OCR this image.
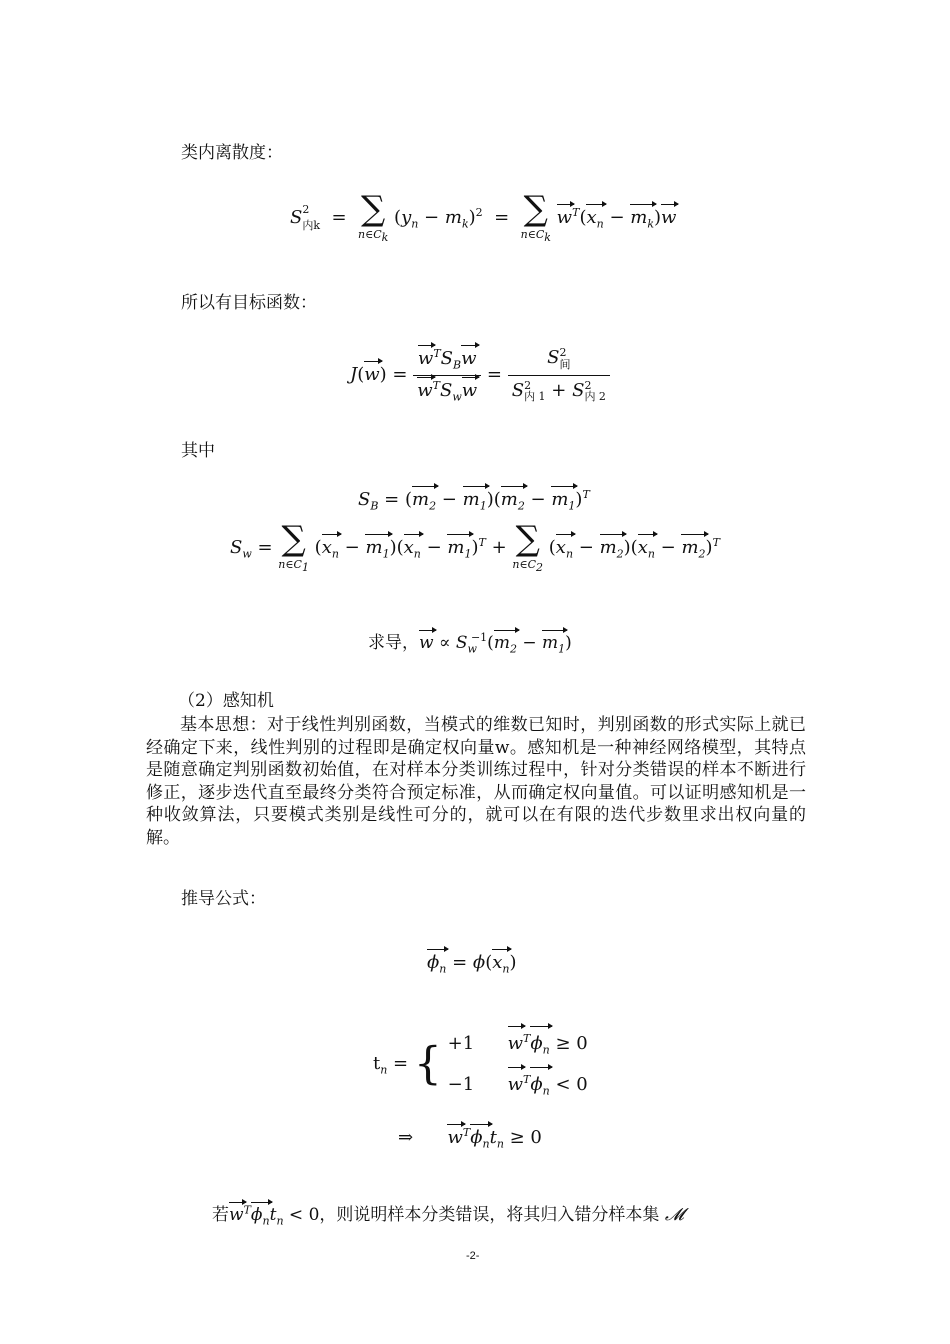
类内离散度：
$S^2_{内k}$  = ∑
$n\in C_k$
$(y_n - m_k)^2$  = ∑
$n\in C_k$
$w^T(x_n - m_k)w$
所以有目标函数：
$J(w) = \frac{w^TS_Bw}{w^TS_ww} = \frac{S^2_间}{S^2_{内 1} + S^2_{内 2}}$
其中
$S_B = (m_2 - m_1)(m_2 - m_1)^T$
$S_w$ = ∑
$n\in C_1$
$(x_n - m_1)(x_n - m_1)^T$ + ∑
$n\in C_2$
$(x_n - m_2)(x_n - m_2)^T$
求导，$w \propto S_w^{-1}(m_2 - m_1)$
（2）感知机
基本思想：对于线性判别函数，当模式的维数已知时，判别函数的形式实际上就已经确定下来，线性判别的过程即是确定权向量w。感知机是一种神经网络模型，其特点是随意确定判别函数初始值，在对样本分类训练过程中，针对分类错误的样本不断进行修正，逐步迭代直至最终分类符合预定标准，从而确定权向量值。可以证明感知机是一种收敛算法，只要模式类别是线性可分的，就可以在有限的迭代步数里求出权向量的解。
推导公式：
$\phi_n = \phi(x_n)$
$t_n$ = { +1 $w^T\phi_n \ge 0$
−1 $w^T\phi_n < 0$
⇒ $w^T\phi_nt_n \ge 0$
若$w^T\phi_nt_n < 0$，则说明样本分类错误，将其归入错分样本集 𝓜
-2-
